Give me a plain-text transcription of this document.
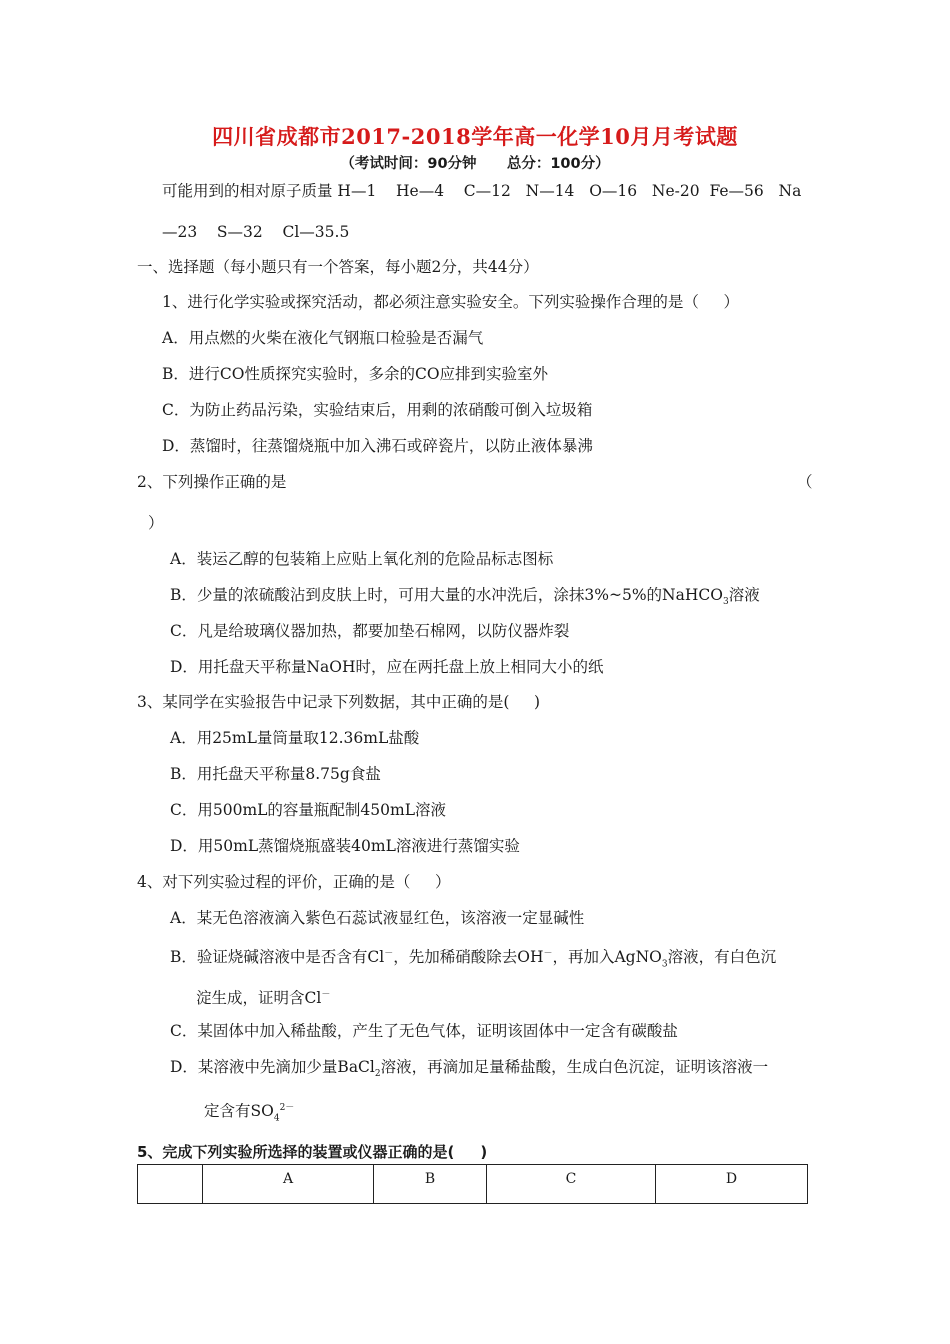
四川省成都市2017-2018学年高一化学10月月考试题
（考试时间：90分钟      总分：100分）
可能用到的相对原子质量 H—1    He—4    C—12   N—14   O—16   Ne-20  Fe—56   Na
—23    S—32    Cl—35.5
一、选择题（每小题只有一个答案，每小题2分，共44分）
1、进行化学实验或探究活动，都必须注意实验安全。下列实验操作合理的是（     ）
A．用点燃的火柴在液化气钢瓶口检验是否漏气
B．进行CO性质探究实验时，多余的CO应排到实验室外
C．为防止药品污染，实验结束后，用剩的浓硝酸可倒入垃圾箱
D．蒸馏时，往蒸馏烧瓶中加入沸石或碎瓷片，以防止液体暴沸
2、下列操作正确的是	（
）
A．装运乙醇的包装箱上应贴上氧化剂的危险品标志图标
B．少量的浓硫酸沾到皮肤上时，可用大量的水冲洗后，涂抹3%~5%的NaHCO$_3$溶液
C．凡是给玻璃仪器加热，都要加垫石棉网，以防仪器炸裂
D．用托盘天平称量NaOH时，应在两托盘上放上相同大小的纸
3、某同学在实验报告中记录下列数据，其中正确的是(     )
A．用25mL量筒量取12.36mL盐酸
B．用托盘天平称量8.75g食盐
C．用500mL的容量瓶配制450mL溶液
D．用50mL蒸馏烧瓶盛装40mL溶液进行蒸馏实验
4、对下列实验过程的评价，正确的是（     ）
A．某无色溶液滴入紫色石蕊试液显红色，该溶液一定显碱性
B．验证烧碱溶液中是否含有Cl－，先加稀硝酸除去OH－，再加入AgNO$_3$溶液，有白色沉
淀生成，证明含Cl－
C．某固体中加入稀盐酸，产生了无色气体，证明该固体中一定含有碳酸盐
D．某溶液中先滴加少量BaCl$_2$溶液，再滴加足量稀盐酸，生成白色沉淀，证明该溶液一
定含有$SO_4^{2-}$
5、完成下列实验所选择的装置或仪器正确的是(     )
	A	B	C	D
